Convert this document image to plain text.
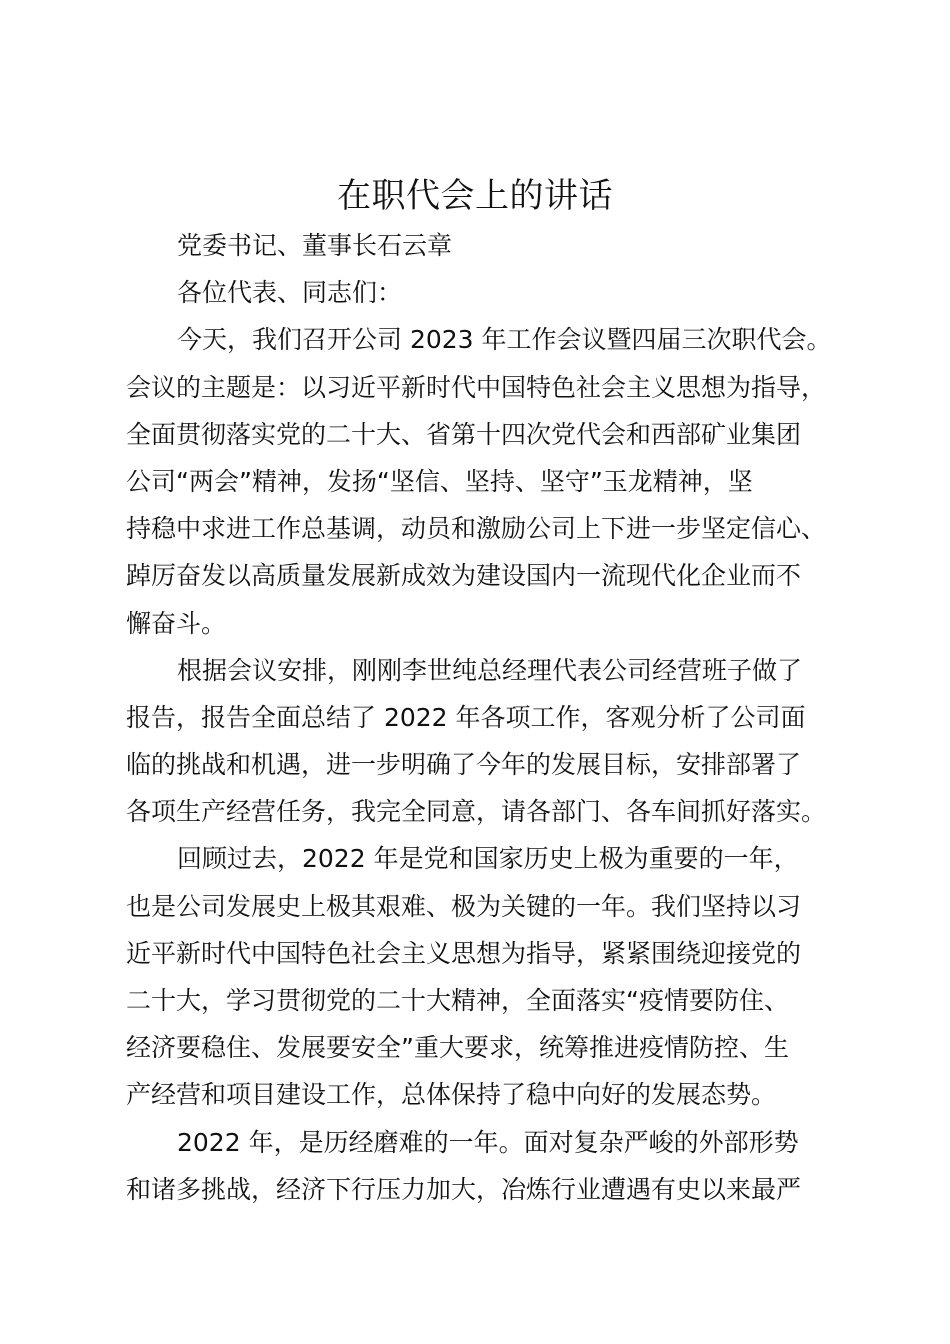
在职代会上的讲话
党委书记、董事长石云章
各位代表、同志们：
今天，我们召开公司 2023 年工作会议暨四届三次职代会。
会议的主题是：以习近平新时代中国特色社会主义思想为指导，
全面贯彻落实党的二十大、省第十四次党代会和西部矿业集团
公司“两会”精神，发扬“坚信、坚持、坚守”玉龙精神，坚
持稳中求进工作总基调，动员和激励公司上下进一步坚定信心、
踔厉奋发以高质量发展新成效为建设国内一流现代化企业而不
懈奋斗。
根据会议安排，刚刚李世纯总经理代表公司经营班子做了
报告，报告全面总结了 2022 年各项工作，客观分析了公司面
临的挑战和机遇，进一步明确了今年的发展目标，安排部署了
各项生产经营任务，我完全同意，请各部门、各车间抓好落实。
回顾过去，2022 年是党和国家历史上极为重要的一年，
也是公司发展史上极其艰难、极为关键的一年。我们坚持以习
近平新时代中国特色社会主义思想为指导，紧紧围绕迎接党的
二十大，学习贯彻党的二十大精神，全面落实“疫情要防住、
经济要稳住、发展要安全”重大要求，统筹推进疫情防控、生
产经营和项目建设工作，总体保持了稳中向好的发展态势。
2022 年，是历经磨难的一年。面对复杂严峻的外部形势
和诸多挑战，经济下行压力加大，冶炼行业遭遇有史以来最严
